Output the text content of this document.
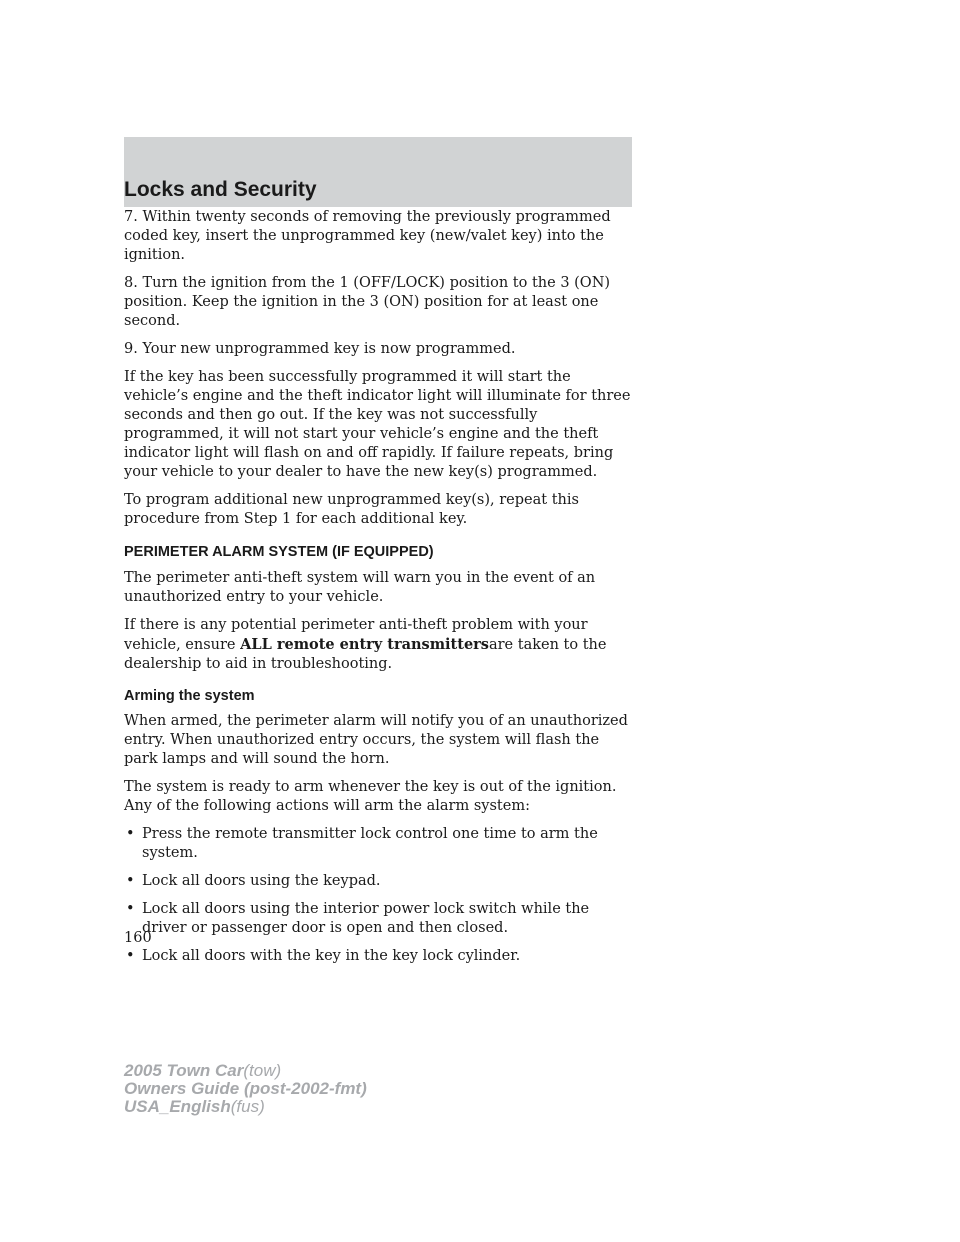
Locks and Security

7. Within twenty seconds of removing the previously programmed coded key, insert the unprogrammed key (new/valet key) into the ignition.

8. Turn the ignition from the 1 (OFF/LOCK) position to the 3 (ON) position. Keep the ignition in the 3 (ON) position for at least one second.

9. Your new unprogrammed key is now programmed.

If the key has been successfully programmed it will start the vehicle’s engine and the theft indicator light will illuminate for three seconds and then go out. If the key was not successfully programmed, it will not start your vehicle’s engine and the theft indicator light will flash on and off rapidly. If failure repeats, bring your vehicle to your dealer to have the new key(s) programmed.

To program additional new unprogrammed key(s), repeat this procedure from Step 1 for each additional key.

PERIMETER ALARM SYSTEM (IF EQUIPPED)

The perimeter anti-theft system will warn you in the event of an unauthorized entry to your vehicle.

If there is any potential perimeter anti-theft problem with your vehicle, ensure ALL remote entry transmittersare taken to the dealership to aid in troubleshooting.

Arming the system

When armed, the perimeter alarm will notify you of an unauthorized entry. When unauthorized entry occurs, the system will flash the park lamps and will sound the horn.

The system is ready to arm whenever the key is out of the ignition. Any of the following actions will arm the alarm system:

• Press the remote transmitter lock control one time to arm the system.
• Lock all doors using the keypad.
• Lock all doors using the interior power lock switch while the driver or passenger door is open and then closed.
• Lock all doors with the key in the key lock cylinder.
160
2005 Town Car(tow)
Owners Guide (post-2002-fmt)
USA_English(fus)
